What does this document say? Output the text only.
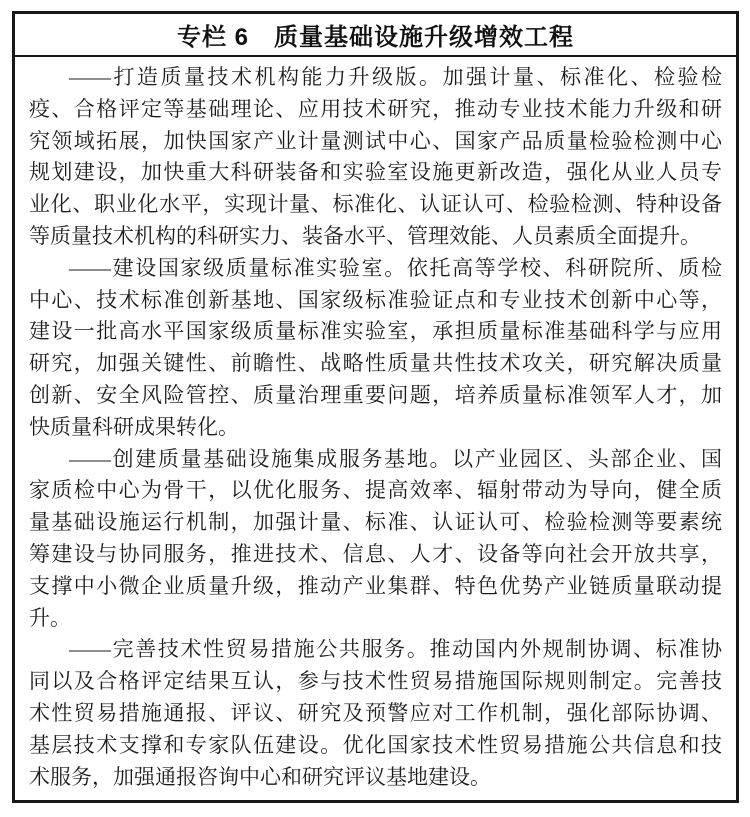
专栏 6　质量基础设施升级增效工程
——打造质量技术机构能力升级版。加强计量、标准化、检验检
疫、合格评定等基础理论、应用技术研究，推动专业技术能力升级和研
究领域拓展，加快国家产业计量测试中心、国家产品质量检验检测中心
规划建设，加快重大科研装备和实验室设施更新改造，强化从业人员专
业化、职业化水平，实现计量、标准化、认证认可、检验检测、特种设备
等质量技术机构的科研实力、装备水平、管理效能、人员素质全面提升。
——建设国家级质量标准实验室。依托高等学校、科研院所、质检
中心、技术标准创新基地、国家级标准验证点和专业技术创新中心等，
建设一批高水平国家级质量标准实验室，承担质量标准基础科学与应用
研究，加强关键性、前瞻性、战略性质量共性技术攻关，研究解决质量
创新、安全风险管控、质量治理重要问题，培养质量标准领军人才，加
快质量科研成果转化。
——创建质量基础设施集成服务基地。以产业园区、头部企业、国
家质检中心为骨干，以优化服务、提高效率、辐射带动为导向，健全质
量基础设施运行机制，加强计量、标准、认证认可、检验检测等要素统
筹建设与协同服务，推进技术、信息、人才、设备等向社会开放共享，
支撑中小微企业质量升级，推动产业集群、特色优势产业链质量联动提
升。
——完善技术性贸易措施公共服务。推动国内外规制协调、标准协
同以及合格评定结果互认，参与技术性贸易措施国际规则制定。完善技
术性贸易措施通报、评议、研究及预警应对工作机制，强化部际协调、
基层技术支撑和专家队伍建设。优化国家技术性贸易措施公共信息和技
术服务，加强通报咨询中心和研究评议基地建设。
